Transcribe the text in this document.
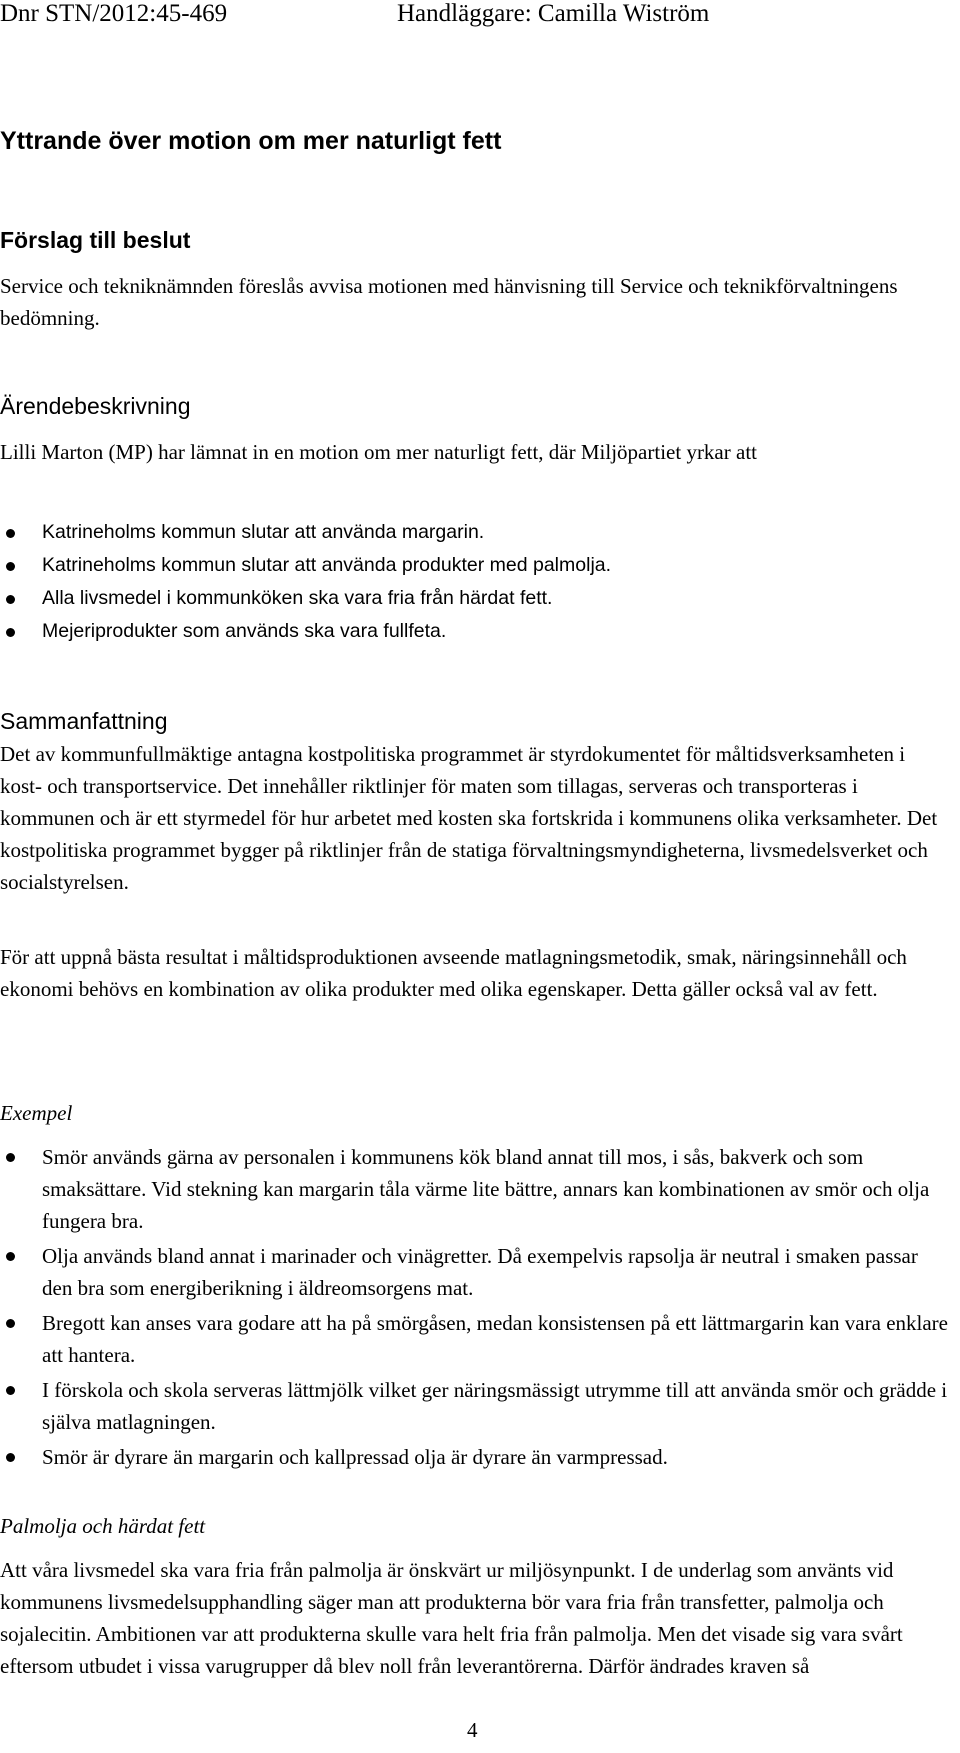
Dnr STN/2012:45-469	Handläggare: Camilla Wiström
Yttrande över motion om mer naturligt fett
Förslag till beslut

Service och tekniknämnden föreslås avvisa motionen med hänvisning till Service och teknikförvaltningens bedömning.

Ärendebeskrivning

Lilli Marton (MP) har lämnat in en motion om mer naturligt fett, där Miljöpartiet yrkar att

Katrineholms kommun slutar att använda margarin.
Katrineholms kommun slutar att använda produkter med palmolja.
Alla livsmedel i kommunköken ska vara fria från härdat fett.
Mejeriprodukter som används ska vara fullfeta.
Sammanfattning

Det av kommunfullmäktige antagna kostpolitiska programmet är styrdokumentet för måltidsverksamheten i kost- och transportservice. Det innehåller riktlinjer för maten som tillagas, serveras och transporteras i kommunen och är ett styrmedel för hur arbetet med kosten ska fortskrida i kommunens olika verksamheter. Det kostpolitiska programmet bygger på riktlinjer från de statiga förvaltningsmyndigheterna, livsmedelsverket och socialstyrelsen.

För att uppnå bästa resultat i måltidsproduktionen avseende matlagningsmetodik, smak, näringsinnehåll och ekonomi behövs en kombination av olika produkter med olika egenskaper. Detta gäller också val av fett.

Exempel

Smör används gärna av personalen i kommunens kök bland annat till mos, i sås, bakverk och som smaksättare. Vid stekning kan margarin tåla värme lite bättre, annars kan kombinationen av smör och olja fungera bra.
Olja används bland annat i marinader och vinägretter. Då exempelvis rapsolja är neutral i smaken passar den bra som energiberikning i äldreomsorgens mat.
Bregott kan anses vara godare att ha på smörgåsen, medan konsistensen på ett lättmargarin kan vara enklare att hantera.
I förskola och skola serveras lättmjölk vilket ger näringsmässigt utrymme till att använda smör och grädde i själva matlagningen.
Smör är dyrare än margarin och kallpressad olja är dyrare än varmpressad.

Palmolja och härdat fett

Att våra livsmedel ska vara fria från palmolja är önskvärt ur miljösynpunkt. I de underlag som använts vid kommunens livsmedelsupphandling säger man att produkterna bör vara fria från transfetter, palmolja och sojalecitin. Ambitionen var att produkterna skulle vara helt fria från palmolja. Men det visade sig vara svårt eftersom utbudet i vissa varugrupper då blev noll från leverantörerna. Därför ändrades kraven så

4
